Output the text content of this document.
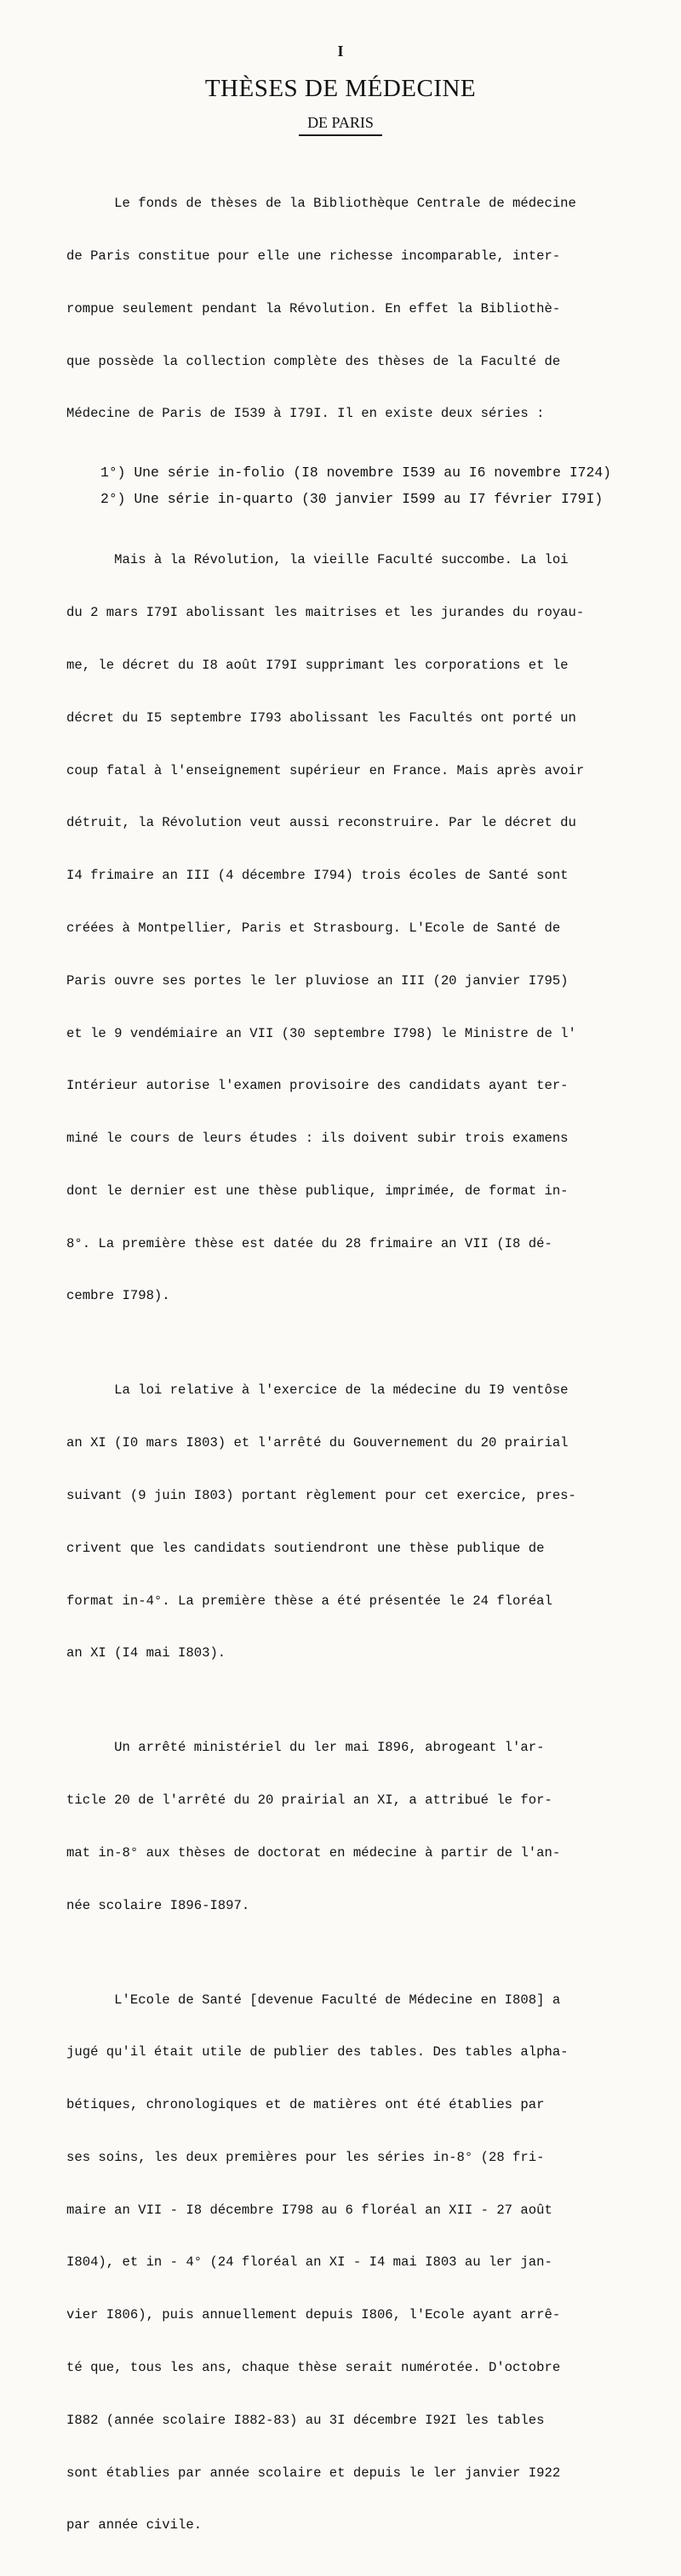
I
THÈSES DE MÉDECINE
DE PARIS

Le fonds de thèses de la Bibliothèque Centrale de médecine

de Paris constitue pour elle une richesse incomparable, inter-

rompue seulement pendant la Révolution. En effet la Bibliothè-

que possède la collection complète des thèses de la Faculté de

Médecine de Paris de I539 à I79I. Il en existe deux séries :

1°) Une série in-folio (I8 novembre I539 au I6 novembre I724)
2°) Une série in-quarto (30 janvier I599 au I7 février I79I)

Mais à la Révolution, la vieille Faculté succombe. La loi

du 2 mars I79I abolissant les maitrises et les jurandes du royau-

me, le décret du I8 août I79I supprimant les corporations et le

décret du I5 septembre I793 abolissant les Facultés ont porté un

coup fatal à l'enseignement supérieur en France. Mais après avoir

détruit, la Révolution veut aussi reconstruire. Par le décret du

I4 frimaire an III (4 décembre I794) trois écoles de Santé sont

créées à Montpellier, Paris et Strasbourg. L'Ecole de Santé de

Paris ouvre ses portes le ler pluviose an III (20 janvier I795)

et le 9 vendémiaire an VII (30 septembre I798) le Ministre de l'

Intérieur autorise l'examen provisoire des candidats ayant ter-

miné le cours de leurs études : ils doivent subir trois examens

dont le dernier est une thèse publique, imprimée, de format in-

8°. La première thèse est datée du 28 frimaire an VII (I8 dé-

cembre I798).

La loi relative à l'exercice de la médecine du I9 ventôse

an XI (I0 mars I803) et l'arrêté du Gouvernement du 20 prairial

suivant (9 juin I803) portant règlement pour cet exercice, pres-

crivent que les candidats soutiendront une thèse publique de

format in-4°. La première thèse a été présentée le 24 floréal

an XI (I4 mai I803).

Un arrêté ministériel du ler mai I896, abrogeant l'ar-

ticle 20 de l'arrêté du 20 prairial an XI, a attribué le for-

mat in-8° aux thèses de doctorat en médecine à partir de l'an-

née scolaire I896-I897.

L'Ecole de Santé [devenue Faculté de Médecine en I808] a

jugé qu'il était utile de publier des tables. Des tables alpha-

bétiques, chronologiques et de matières ont été établies par

ses soins, les deux premières pour les séries in-8° (28 fri-

maire an VII - I8 décembre I798 au 6 floréal an XII - 27 août

I804), et in - 4° (24 floréal an XI - I4 mai I803 au ler jan-

vier I806), puis annuellement depuis I806, l'Ecole ayant arrê-

té que, tous les ans, chaque thèse serait numérotée. D'octobre

I882 (année scolaire I882-83) au 3I décembre I92I les tables

sont établies par année scolaire et depuis le ler janvier I922

par année civile.
